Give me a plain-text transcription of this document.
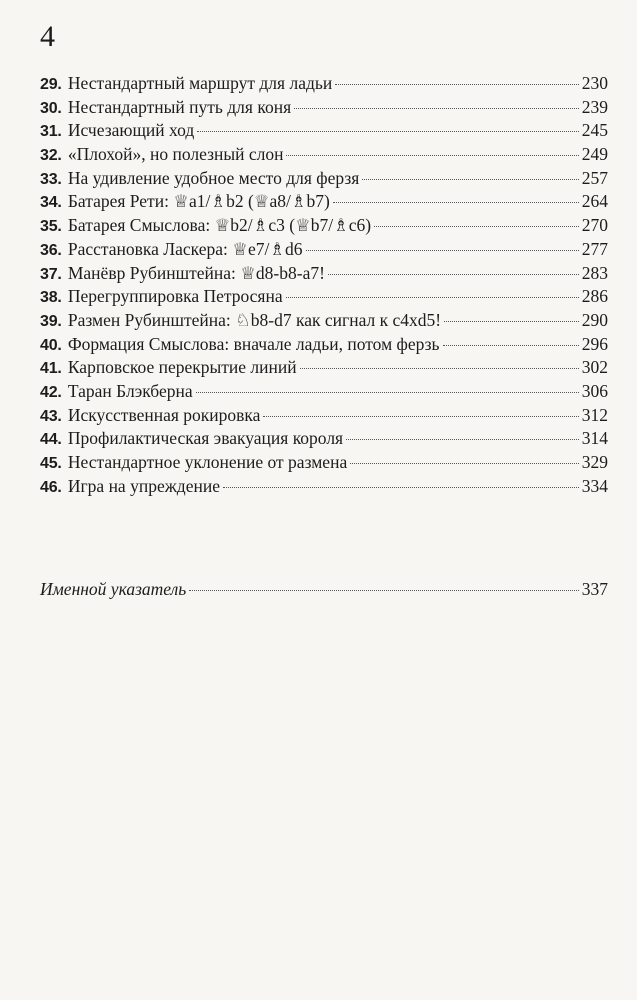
4
29 . Нестандартный маршрут для ладьи	230
30 . Нестандартный путь для коня	239
31 . Исчезающий ход	245
32 . «Плохой», но полезный слон	249
33 . На удивление удобное место для ферзя	257
34 . Батарея Рети: ♕a1/♗b2 (♕a8/♗b7)	264
35 . Батарея Смыслова: ♕b2/♗c3 (♕b7/♗c6)	270
36 . Расстановка Ласкера: ♕e7/♗d6	277
37 . Манёвр Рубинштейна: ♕d8-b8-a7!	283
38 . Перегруппировка Петросяна	286
39 . Размен Рубинштейна: ♘b8-d7 как сигнал к c4xd5!	290
40 . Формация Смыслова: вначале ладьи, потом ферзь	296
41 . Карповское перекрытие линий	302
42 . Таран Блэкберна	306
43 . Искусственная рокировка	312
44 . Профилактическая эвакуация короля	314
45 . Нестандартное уклонение от размена	329
46 . Игра на упреждение	334
Именной указатель	337
